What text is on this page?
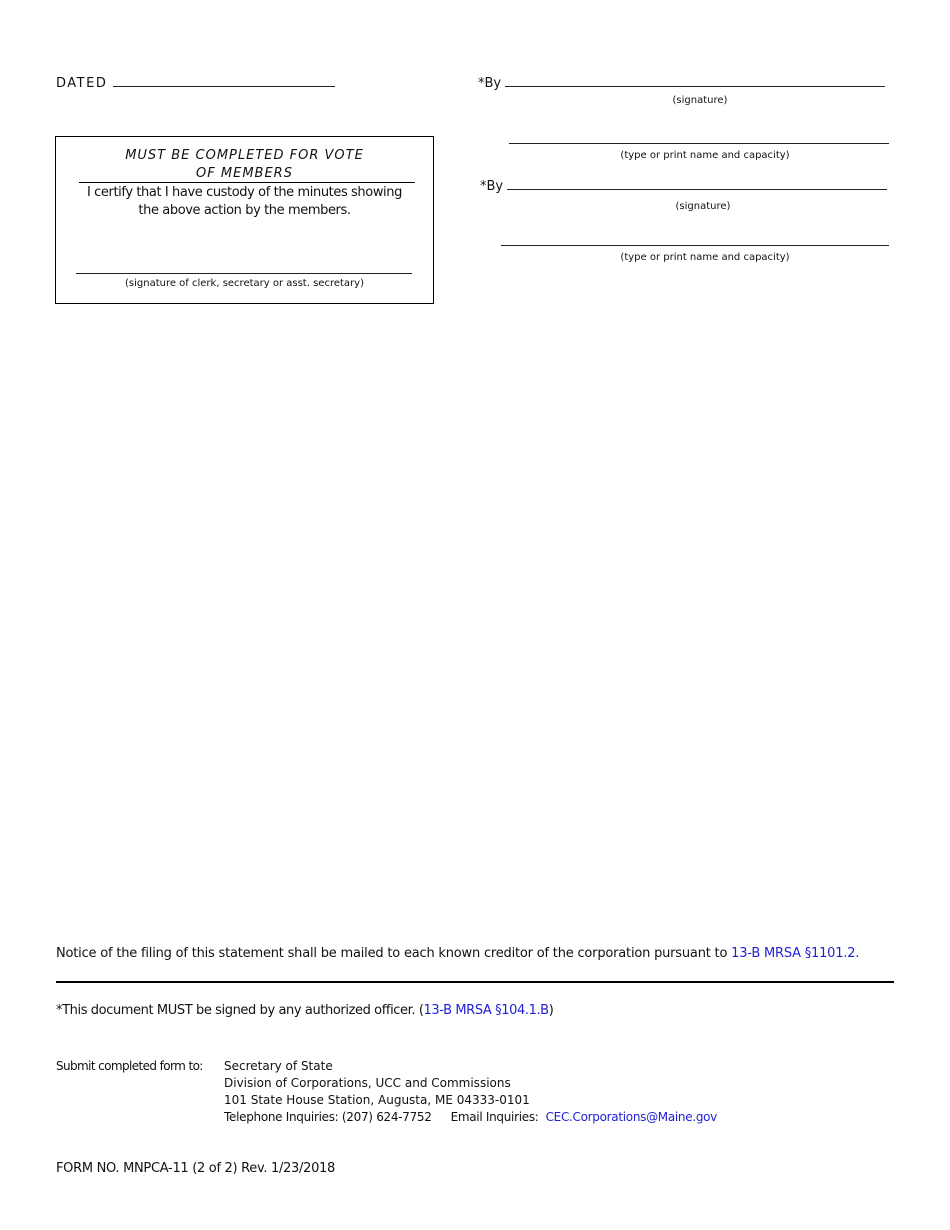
DATED	*By
(signature)
(type or print name and capacity)
*By
(signature)
(type or print name and capacity)
MUST BE COMPLETED FOR VOTE
OF MEMBERS
I certify that I have custody of the minutes showing
the above action by the members.
(signature of clerk, secretary or asst. secretary)
Notice of the filing of this statement shall be mailed to each known creditor of the corporation pursuant to 13-B MRSA §1101.2.
*This document MUST be signed by any authorized officer. (13-B MRSA §104.1.B)
Submit completed form to: Secretary of State
Division of Corporations, UCC and Commissions
101 State House Station, Augusta, ME 04333-0101
Telephone Inquiries: (207) 624-7752 Email Inquiries: CEC.Corporations@Maine.gov
FORM NO. MNPCA-11 (2 of 2) Rev. 1/23/2018
